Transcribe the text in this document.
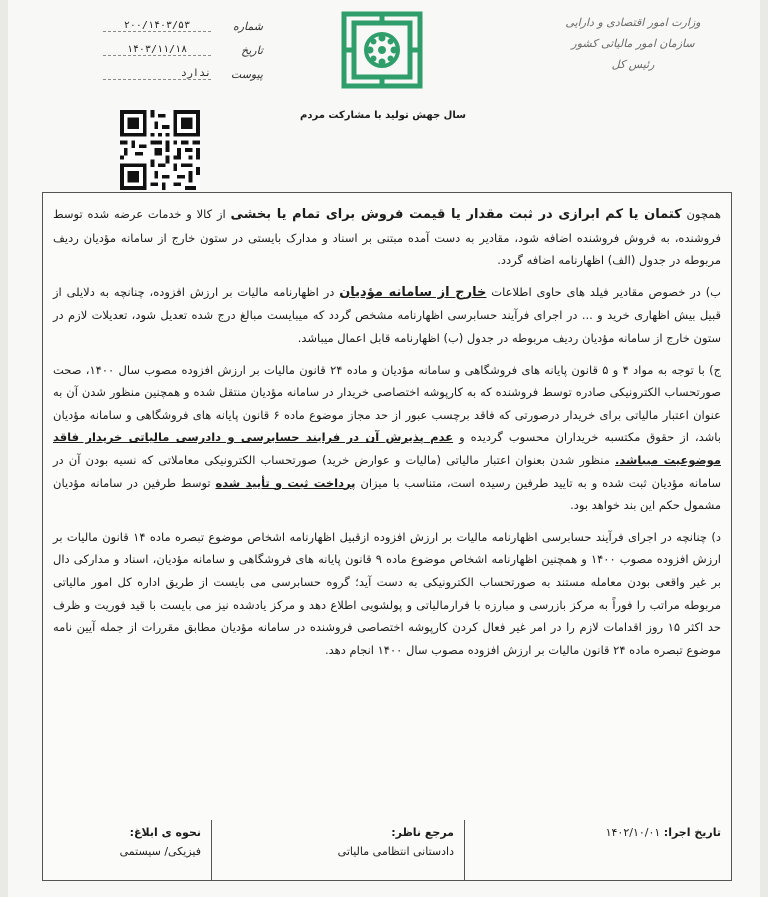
شماره
۲۰۰/۱۴۰۳/۵۳
تاریخ
۱۴۰۳/۱۱/۱۸
پیوست
ندارد
وزارت امور اقتصادی و دارایی
سازمان امور مالیاتی کشور
رئیس کل
سال جهش تولید با مشارکت مردم

همچون کتمان یا کم ابرازی در ثبت مقدار یا قیمت فروش برای تمام یا بخشی از کالا و خدمات عرضه شده توسط فروشنده، به فروش فروشنده اضافه شود، مقادیر به دست آمده مبتنی بر اسناد و مدارک بایستی در ستون خارج از سامانه مؤدیان ردیف مربوطه در جدول (الف) اظهارنامه اضافه گردد.

ب) در خصوص مقادیر فیلد های حاوی اطلاعات خارج از سامانه مؤدیان در اظهارنامه مالیات بر ارزش افزوده، چنانچه به دلایلی از قبیل بیش اظهاری خرید و ... در اجرای فرآیند حسابرسی اظهارنامه مشخص گردد که میبایست مبالغ درج شده تعدیل شود، تعدیلات لازم در ستون خارج از سامانه مؤدیان ردیف مربوطه در جدول (ب) اظهارنامه قابل اعمال میباشد.

ج) با توجه به مواد ۴ و ۵ قانون پایانه های فروشگاهی و سامانه مؤدیان و ماده ۲۴ قانون مالیات بر ارزش افزوده مصوب سال ۱۴۰۰، صحت صورتحساب الکترونیکی صادره توسط فروشنده که به کارپوشه اختصاصی خریدار در سامانه مؤدیان منتقل شده و همچنین منظور شدن آن به عنوان اعتبار مالیاتی برای خریدار درصورتی که فاقد برچسب عبور از حد مجاز موضوع ماده ۶ قانون پایانه های فروشگاهی و سامانه مؤدیان باشد، از حقوق مکتسبه خریداران محسوب گردیده و عدم پذیرش آن در فرایند حسابرسی و دادرسی مالیاتی خریدار فاقد موضوعیت میباشد. منظور شدن بعنوان اعتبار مالیاتی (مالیات و عوارض خرید) صورتحساب الکترونیکی معاملاتی که نسیه بودن آن در سامانه مؤدیان ثبت شده و به تایید طرفین رسیده است، متناسب با میزان پرداخت ثبت و تأیید شده توسط طرفین در سامانه مؤدیان مشمول حکم این بند خواهد بود.

د) چنانچه در اجرای فرآیند حسابرسی اظهارنامه مالیات بر ارزش افزوده ازقبیل اظهارنامه اشخاص موضوع تبصره ماده ۱۴ قانون مالیات بر ارزش افزوده مصوب ۱۴۰۰ و همچنین اظهارنامه اشخاص موضوع ماده ۹ قانون پایانه های فروشگاهی و سامانه مؤدیان، اسناد و مدارکی دال بر غیر واقعی بودن معامله مستند به صورتحساب الکترونیکی به دست آید؛ گروه حسابرسی می بایست از طریق اداره کل امور مالیاتی مربوطه مراتب را فوراً به مرکز بازرسی و مبارزه با فرارمالیاتی و پولشویی اطلاع دهد و مرکز یادشده نیز می بایست با قید فوریت و ظرف حد اکثر ۱۵ روز اقدامات لازم را در امر غیر فعال کردن کارپوشه اختصاصی فروشنده در سامانه مؤدیان مطابق مقررات از جمله آیین نامه موضوع تبصره ماده ۲۴ قانون مالیات بر ارزش افزوده مصوب سال ۱۴۰۰ انجام دهد.

تاریخ اجرا: ۱۴۰۲/۱۰/۰۱
مرجع ناظر:
دادستانی انتظامی مالیاتی
نحوه ی ابلاغ:
فیزیکی/ سیستمی
